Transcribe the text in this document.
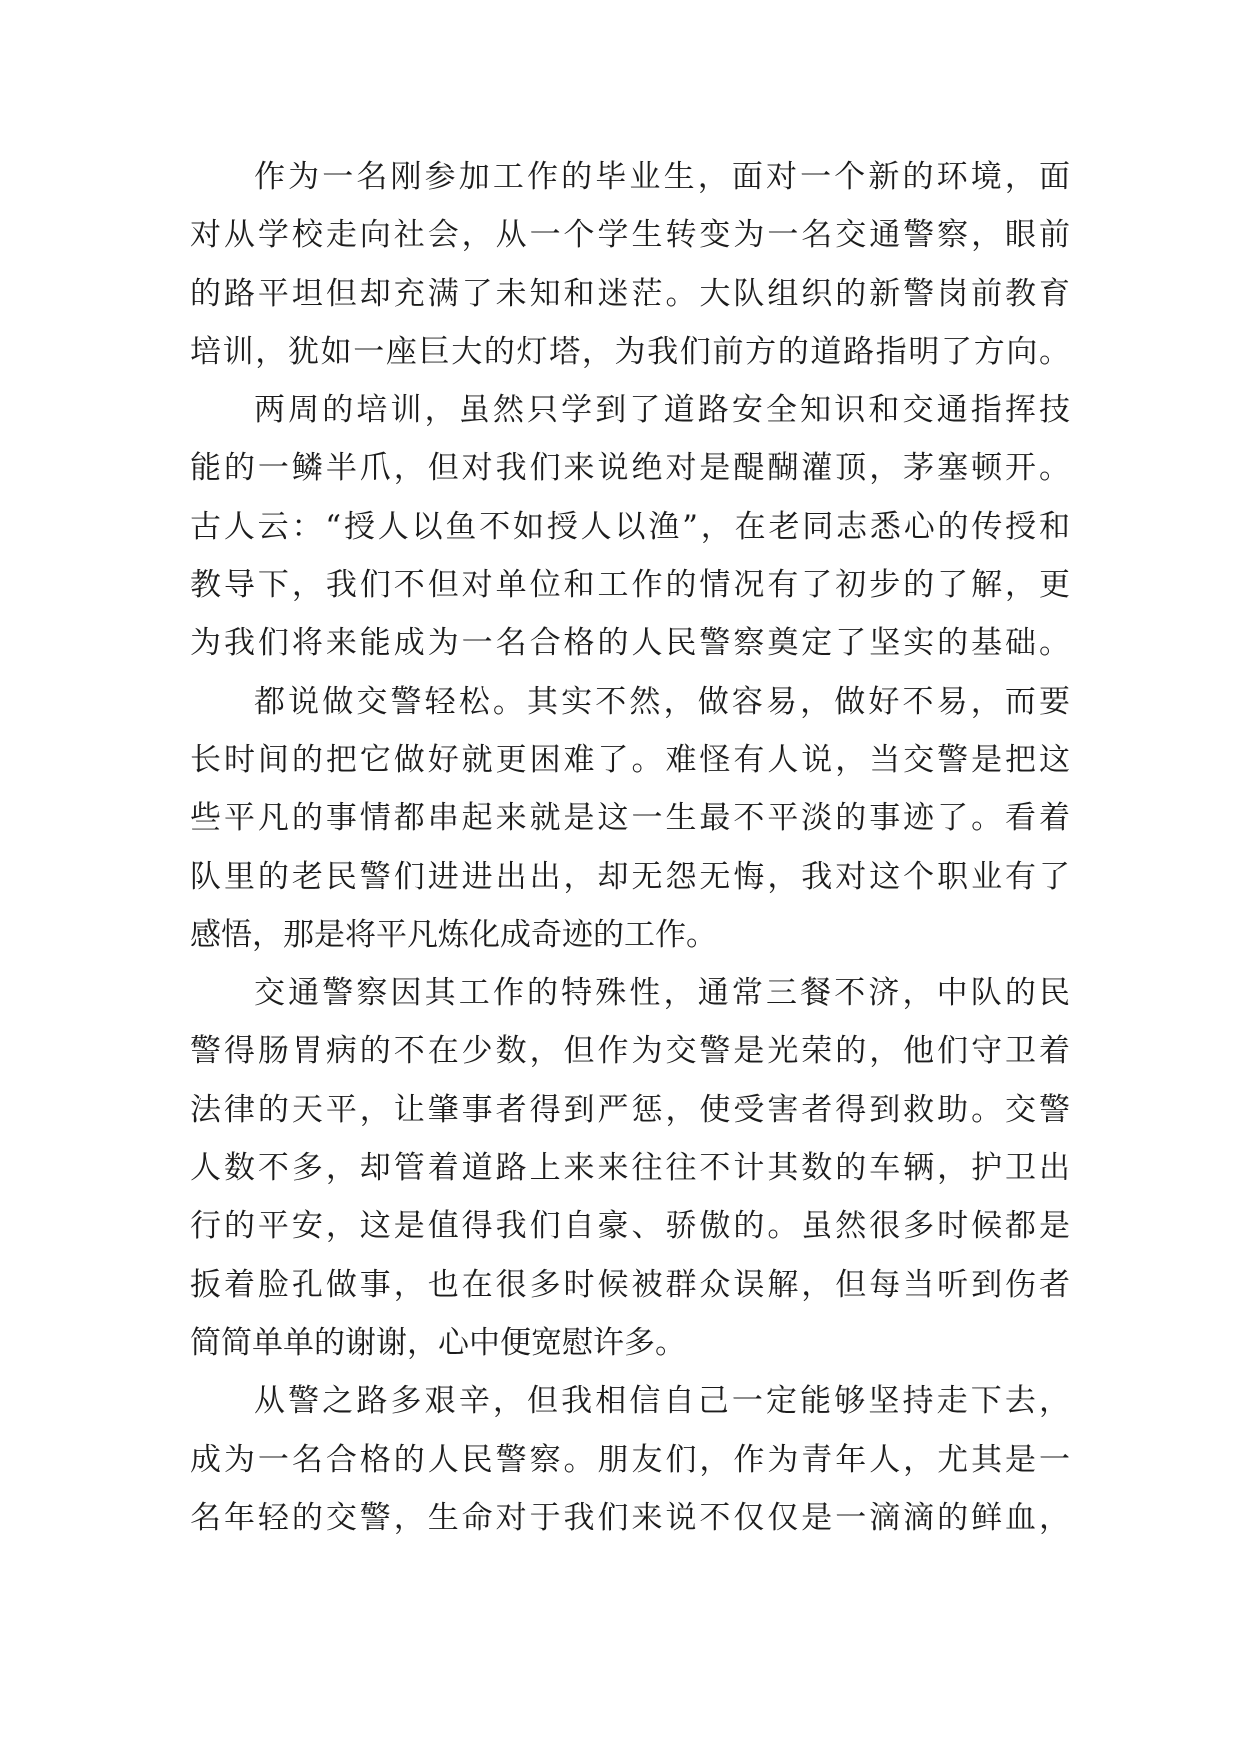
作为一名刚参加工作的毕业生，面对一个新的环境，面
对从学校走向社会，从一个学生转变为一名交通警察，眼前
的路平坦但却充满了未知和迷茫。大队组织的新警岗前教育
培训，犹如一座巨大的灯塔，为我们前方的道路指明了方向。
两周的培训，虽然只学到了道路安全知识和交通指挥技
能的一鳞半爪，但对我们来说绝对是醍醐灌顶，茅塞顿开。
古人云：“授人以鱼不如授人以渔”，在老同志悉心的传授和
教导下，我们不但对单位和工作的情况有了初步的了解，更
为我们将来能成为一名合格的人民警察奠定了坚实的基础。
都说做交警轻松。其实不然，做容易，做好不易，而要
长时间的把它做好就更困难了。难怪有人说，当交警是把这
些平凡的事情都串起来就是这一生最不平淡的事迹了。看着
队里的老民警们进进出出，却无怨无悔，我对这个职业有了
感悟，那是将平凡炼化成奇迹的工作。
交通警察因其工作的特殊性，通常三餐不济，中队的民
警得肠胃病的不在少数，但作为交警是光荣的，他们守卫着
法律的天平，让肇事者得到严惩，使受害者得到救助。交警
人数不多，却管着道路上来来往往不计其数的车辆，护卫出
行的平安，这是值得我们自豪、骄傲的。虽然很多时候都是
扳着脸孔做事，也在很多时候被群众误解，但每当听到伤者
简简单单的谢谢，心中便宽慰许多。
从警之路多艰辛，但我相信自己一定能够坚持走下去，
成为一名合格的人民警察。朋友们，作为青年人，尤其是一
名年轻的交警，生命对于我们来说不仅仅是一滴滴的鲜血，
